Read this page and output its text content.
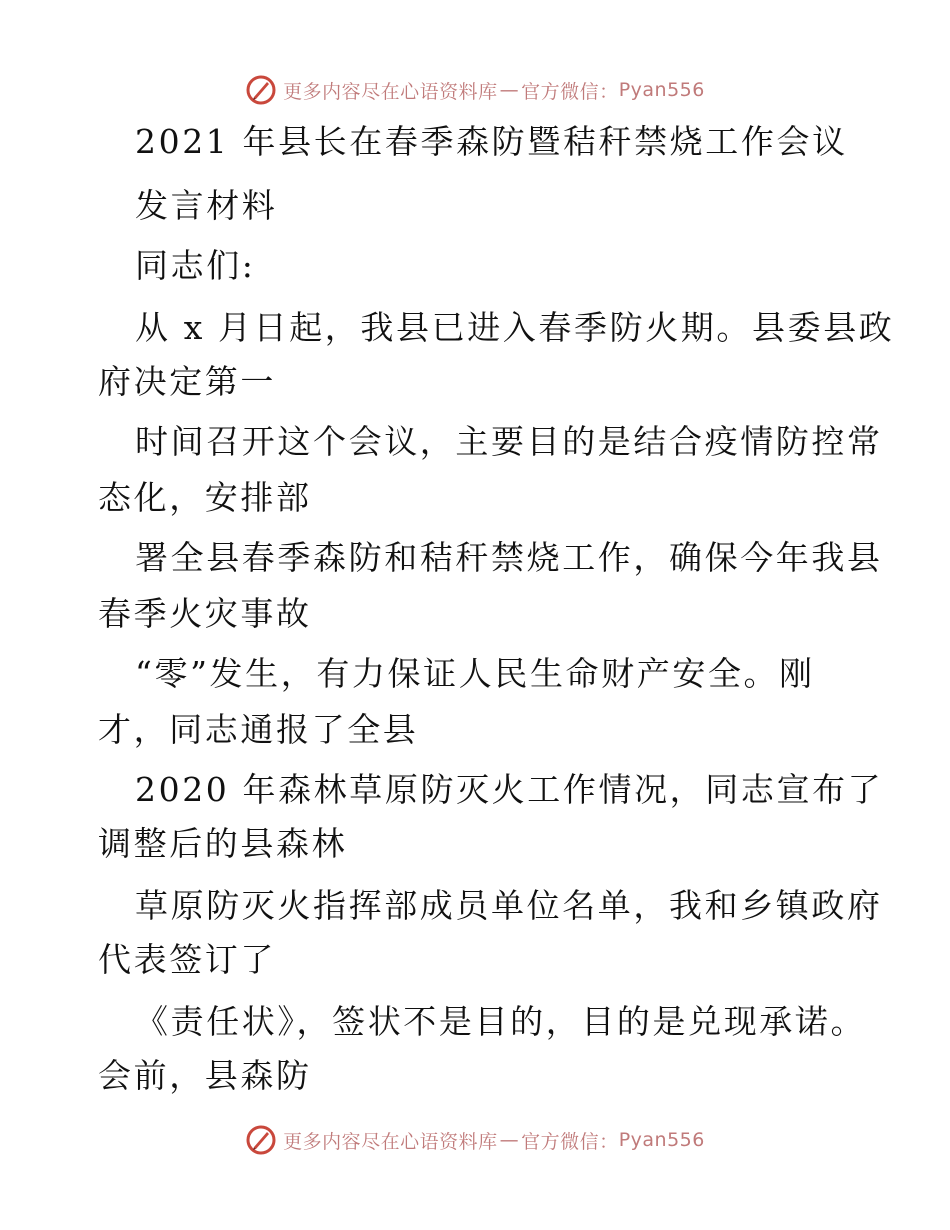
更多内容尽在心语资料库 — 官方微信： Pyan556
2021 年县长在春季森防暨秸秆禁烧工作会议
发言材料
同志们:
从 x 月日起，我县已进入春季防火期。县委县政
府决定第一
时间召开这个会议，主要目的是结合疫情防控常
态化，安排部
署全县春季森防和秸秆禁烧工作，确保今年我县
春季火灾事故
“零”发生，有力保证人民生命财产安全。刚
才，同志通报了全县
2020 年森林草原防灭火工作情况，同志宣布了
调整后的县森林
草原防灭火指挥部成员单位名单，我和乡镇政府
代表签订了
《责任状》，签状不是目的，目的是兑现承诺。
会前，县森防
更多内容尽在心语资料库 — 官方微信： Pyan556
